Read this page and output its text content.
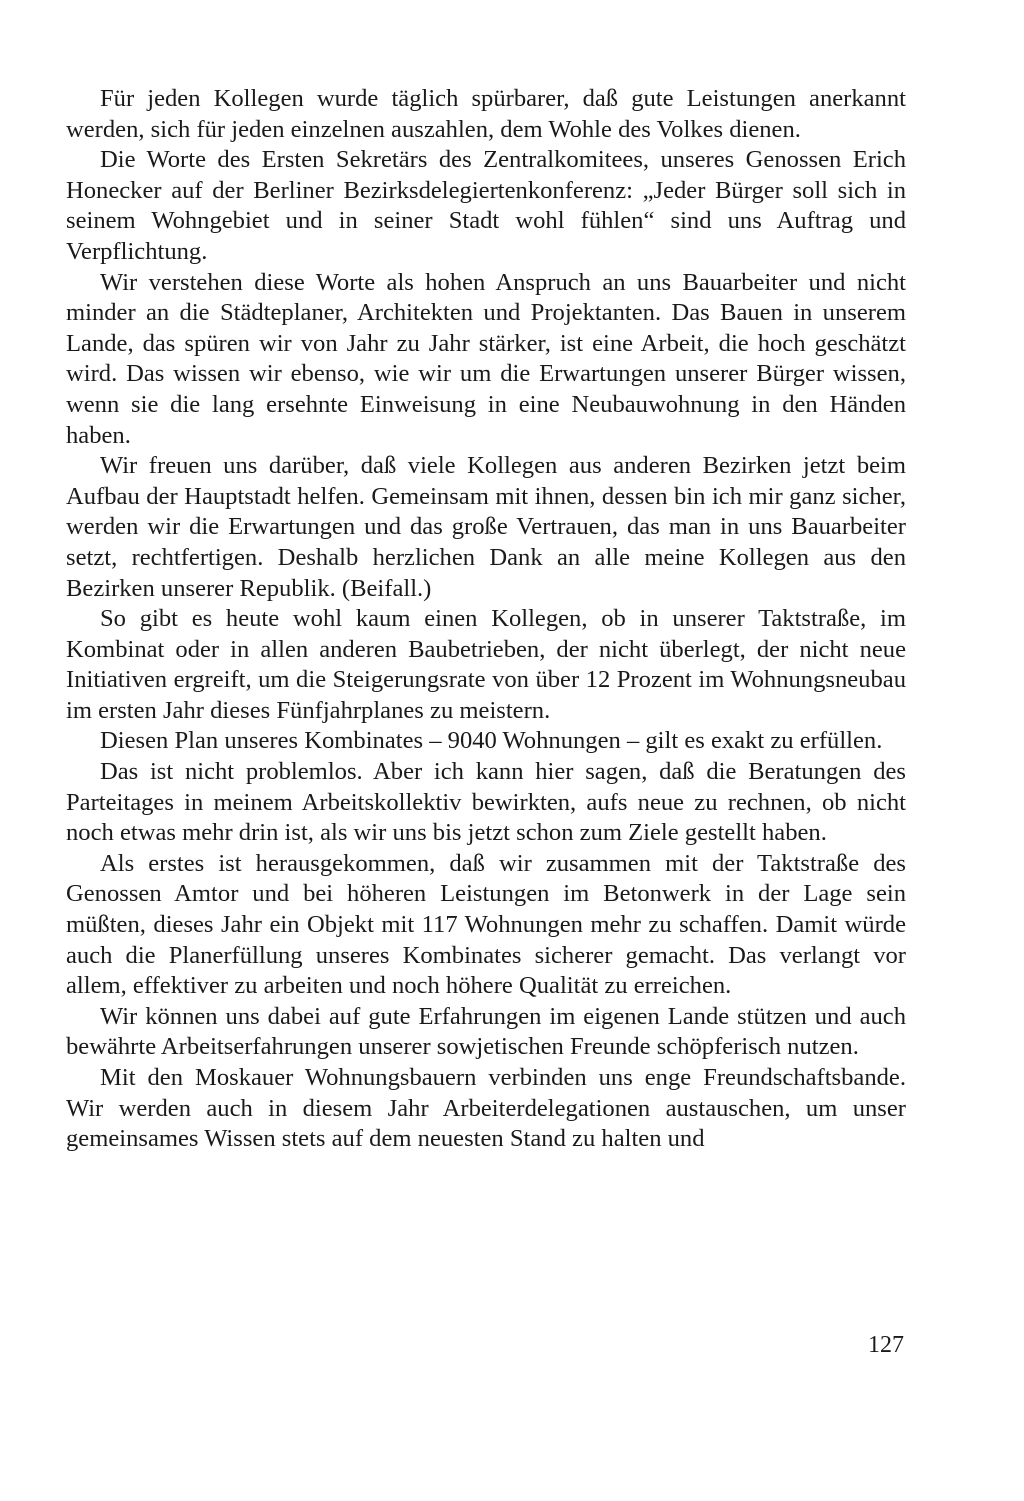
Für jeden Kollegen wurde täglich spürbarer, daß gute Leistungen anerkannt werden, sich für jeden einzelnen auszahlen, dem Wohle des Volkes dienen.

Die Worte des Ersten Sekretärs des Zentralkomitees, unseres Genossen Erich Honecker auf der Berliner Bezirksdelegiertenkonferenz: „Jeder Bürger soll sich in seinem Wohngebiet und in seiner Stadt wohl fühlen“ sind uns Auftrag und Verpflichtung.

Wir verstehen diese Worte als hohen Anspruch an uns Bauarbeiter und nicht minder an die Städteplaner, Architekten und Projektanten. Das Bauen in unserem Lande, das spüren wir von Jahr zu Jahr stärker, ist eine Arbeit, die hoch geschätzt wird. Das wissen wir ebenso, wie wir um die Erwartungen unserer Bürger wissen, wenn sie die lang ersehnte Einweisung in eine Neubauwohnung in den Händen haben.

Wir freuen uns darüber, daß viele Kollegen aus anderen Bezirken jetzt beim Aufbau der Hauptstadt helfen. Gemeinsam mit ihnen, dessen bin ich mir ganz sicher, werden wir die Erwartungen und das große Vertrauen, das man in uns Bauarbeiter setzt, rechtfertigen. Deshalb herzlichen Dank an alle meine Kollegen aus den Bezirken unserer Republik. (Beifall.)

So gibt es heute wohl kaum einen Kollegen, ob in unserer Taktstraße, im Kombinat oder in allen anderen Baubetrieben, der nicht überlegt, der nicht neue Initiativen ergreift, um die Steigerungsrate von über 12 Prozent im Wohnungsneubau im ersten Jahr dieses Fünfjahrplanes zu meistern.

Diesen Plan unseres Kombinates – 9040 Wohnungen – gilt es exakt zu erfüllen.

Das ist nicht problemlos. Aber ich kann hier sagen, daß die Beratungen des Parteitages in meinem Arbeitskollektiv bewirkten, aufs neue zu rechnen, ob nicht noch etwas mehr drin ist, als wir uns bis jetzt schon zum Ziele gestellt haben.

Als erstes ist herausgekommen, daß wir zusammen mit der Taktstraße des Genossen Amtor und bei höheren Leistungen im Betonwerk in der Lage sein müßten, dieses Jahr ein Objekt mit 117 Wohnungen mehr zu schaffen. Damit würde auch die Planerfüllung unseres Kombinates sicherer gemacht. Das verlangt vor allem, effektiver zu arbeiten und noch höhere Qualität zu erreichen.

Wir können uns dabei auf gute Erfahrungen im eigenen Lande stützen und auch bewährte Arbeitserfahrungen unserer sowjetischen Freunde schöpferisch nutzen.

Mit den Moskauer Wohnungsbauern verbinden uns enge Freundschaftsbande. Wir werden auch in diesem Jahr Arbeiterdelegationen austauschen, um unser gemeinsames Wissen stets auf dem neuesten Stand zu halten und

127
